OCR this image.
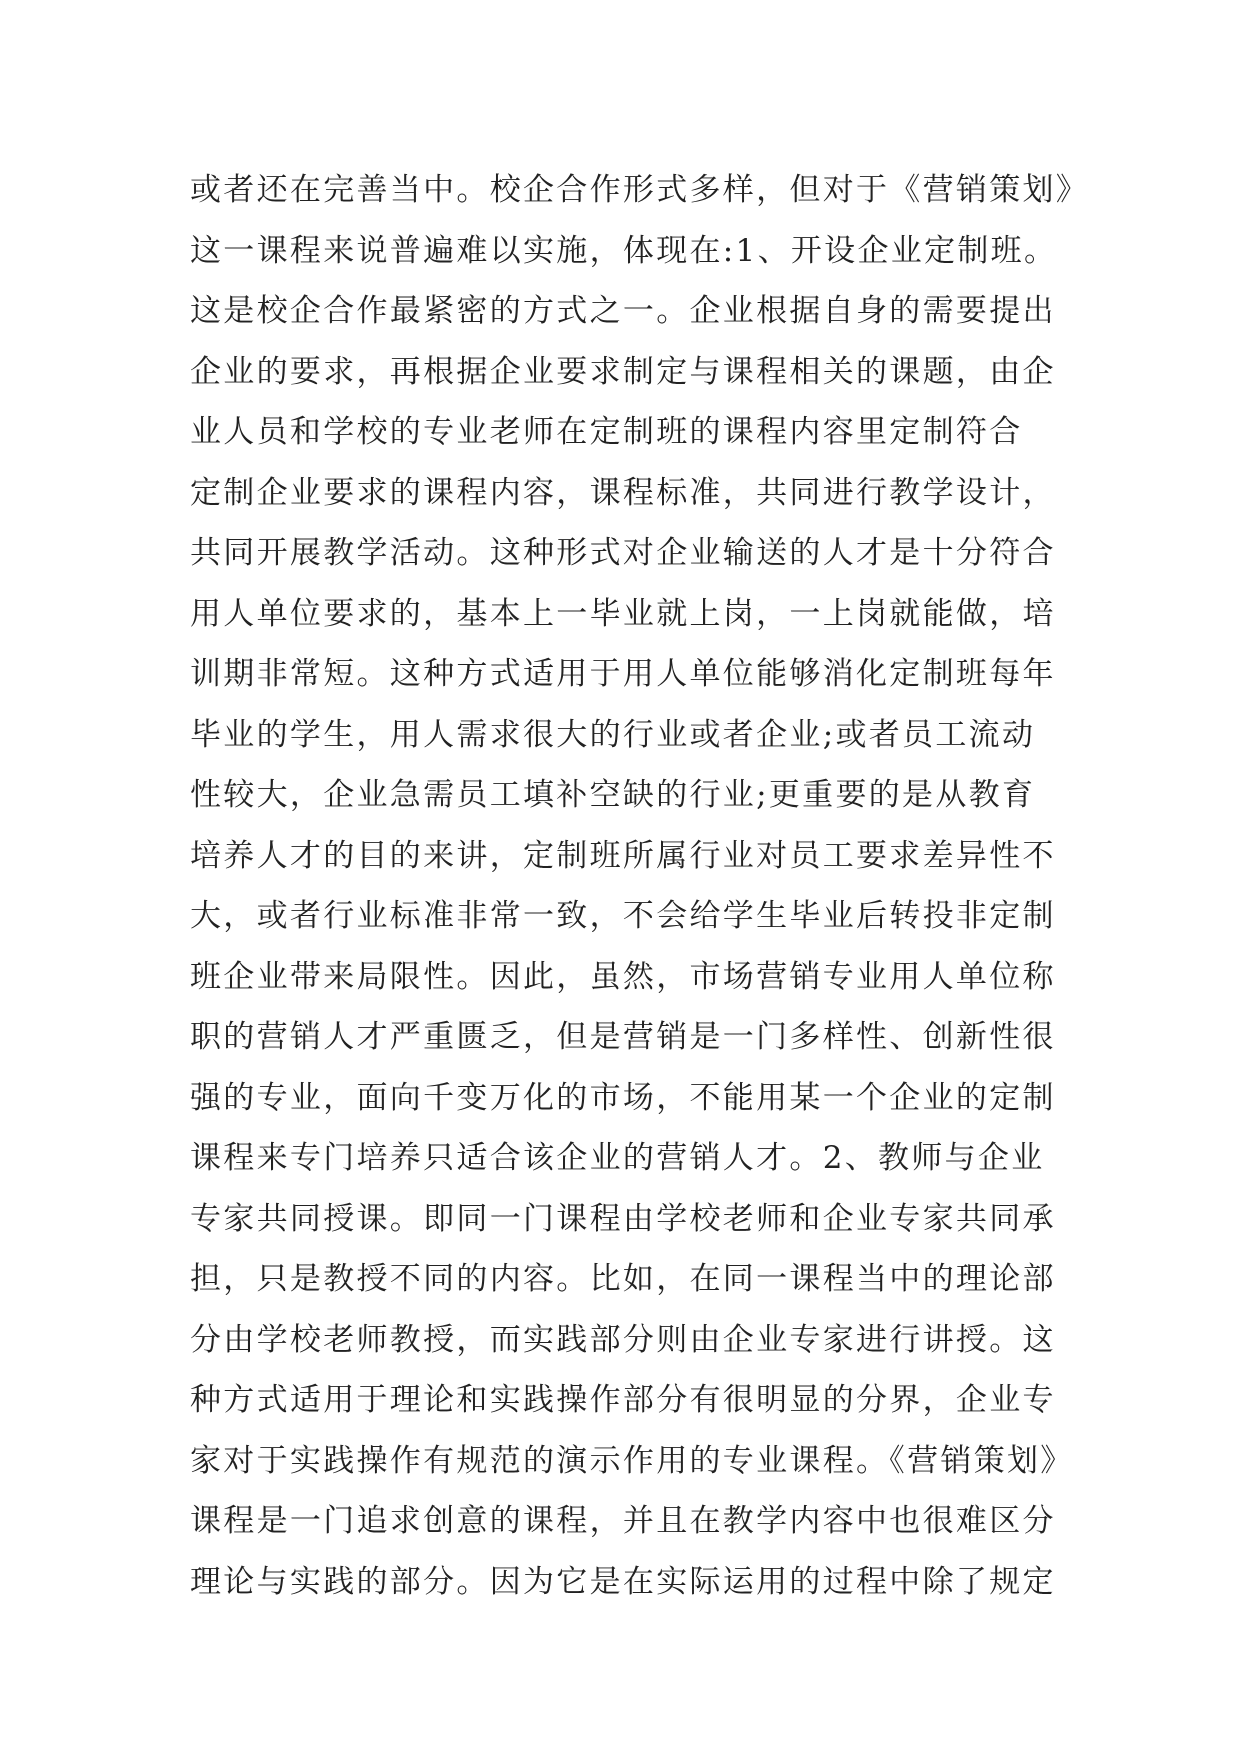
或者还在完善当中。校企合作形式多样，但对于《营销策划》
这一课程来说普遍难以实施，体现在:1、开设企业定制班。
这是校企合作最紧密的方式之一。企业根据自身的需要提出
企业的要求，再根据企业要求制定与课程相关的课题，由企
业人员和学校的专业老师在定制班的课程内容里定制符合
定制企业要求的课程内容，课程标准，共同进行教学设计，
共同开展教学活动。这种形式对企业输送的人才是十分符合
用人单位要求的，基本上一毕业就上岗，一上岗就能做，培
训期非常短。这种方式适用于用人单位能够消化定制班每年
毕业的学生，用人需求很大的行业或者企业;或者员工流动
性较大，企业急需员工填补空缺的行业;更重要的是从教育
培养人才的目的来讲，定制班所属行业对员工要求差异性不
大，或者行业标准非常一致，不会给学生毕业后转投非定制
班企业带来局限性。因此，虽然，市场营销专业用人单位称
职的营销人才严重匮乏，但是营销是一门多样性、创新性很
强的专业，面向千变万化的市场，不能用某一个企业的定制
课程来专门培养只适合该企业的营销人才。2、教师与企业
专家共同授课。即同一门课程由学校老师和企业专家共同承
担，只是教授不同的内容。比如，在同一课程当中的理论部
分由学校老师教授，而实践部分则由企业专家进行讲授。这
种方式适用于理论和实践操作部分有很明显的分界，企业专
家对于实践操作有规范的演示作用的专业课程。《营销策划》
课程是一门追求创意的课程，并且在教学内容中也很难区分
理论与实践的部分。因为它是在实际运用的过程中除了规定
